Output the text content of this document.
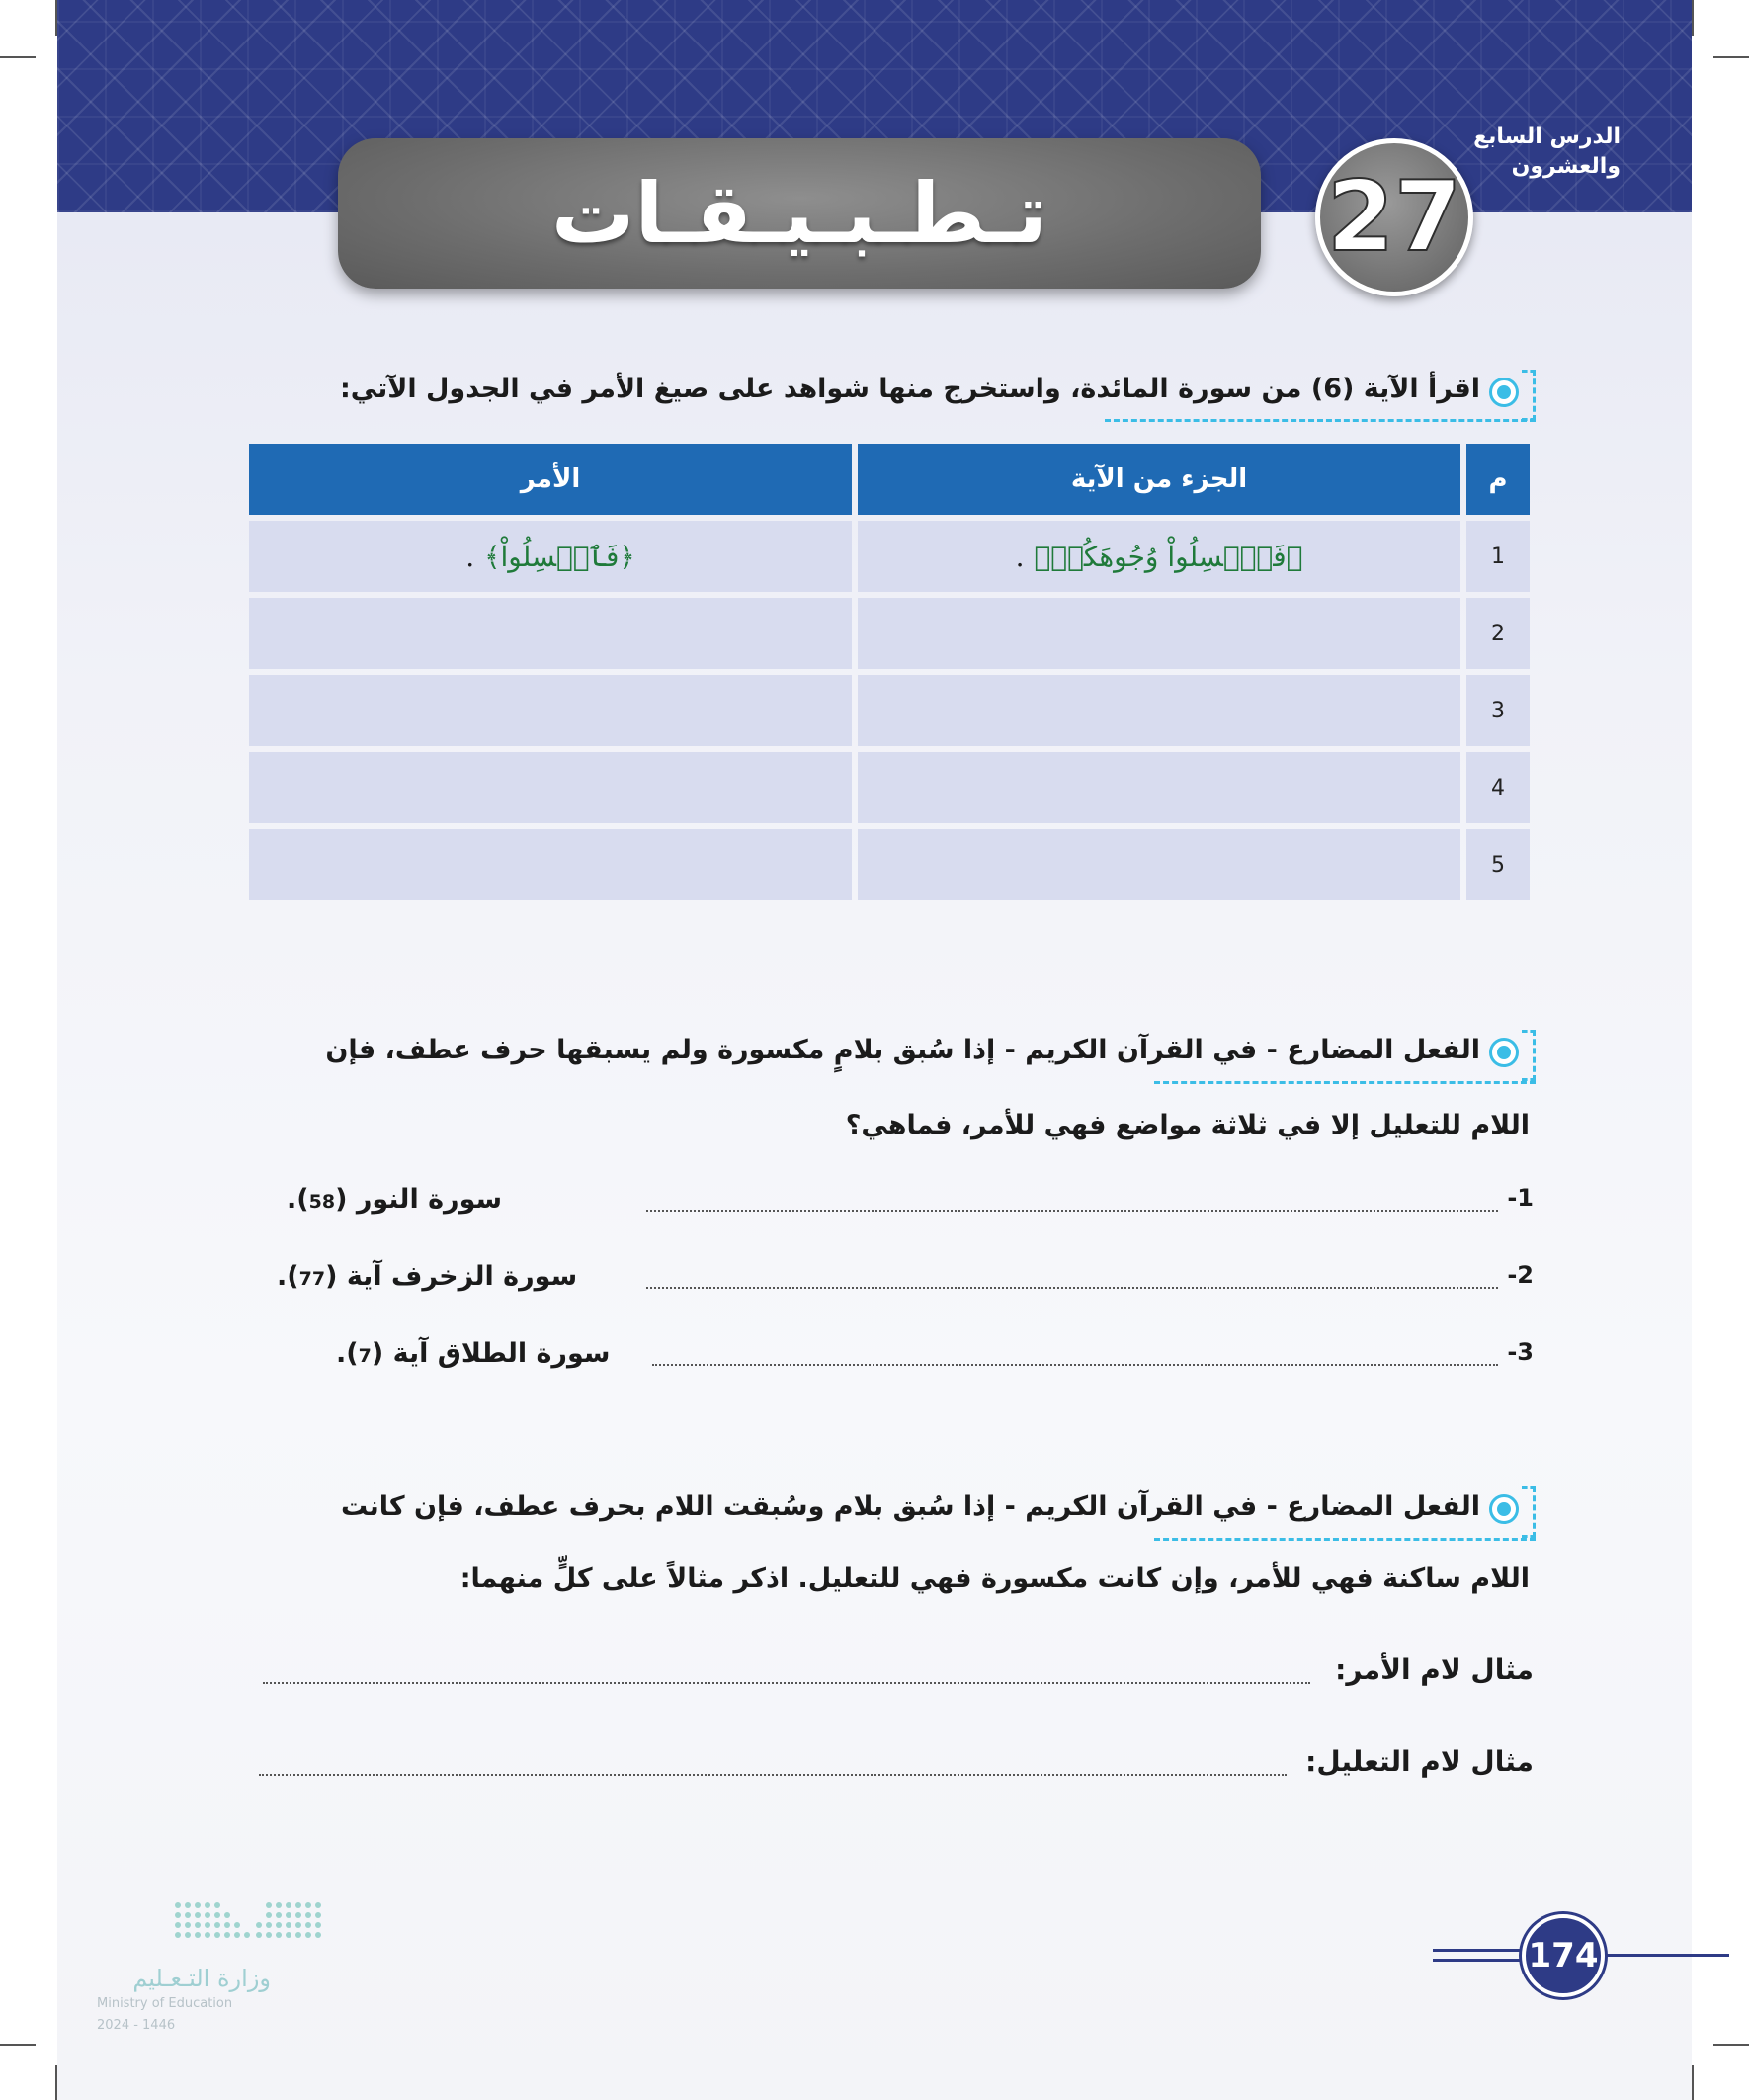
تـطـبـيـقـات	27
الدرس السابع والعشرون
اقرأ الآية (6) من سورة المائدة، واستخرج منها شواهد على صيغ الأمر في الجدول الآتي:
م
الجزء من الآية
الأمر
1
﴿فَٱغۡسِلُواْ وُجُوهَكُمۡ﴾.
﴿فَٱغۡسِلُواْ﴾.
2
3
4
5
الفعل المضارع - في القرآن الكريم - إذا سُبق بلامٍ مكسورة ولم يسبقها حرف عطف، فإن
اللام للتعليل إلا في ثلاثة مواضع فهي للأمر، فماهي؟
1-
سورة النور (58).
2-
سورة الزخرف آية (77).
3-
سورة الطلاق آية (7).
الفعل المضارع - في القرآن الكريم - إذا سُبق بلام وسُبقت اللام بحرف عطف، فإن كانت
اللام ساكنة فهي للأمر، وإن كانت مكسورة فهي للتعليل. اذكر مثالاً على كلٍّ منهما:
مثال لام الأمر:
مثال لام التعليل:
174
وزارة التـعـليم
Ministry of Education
2024 - 1446
